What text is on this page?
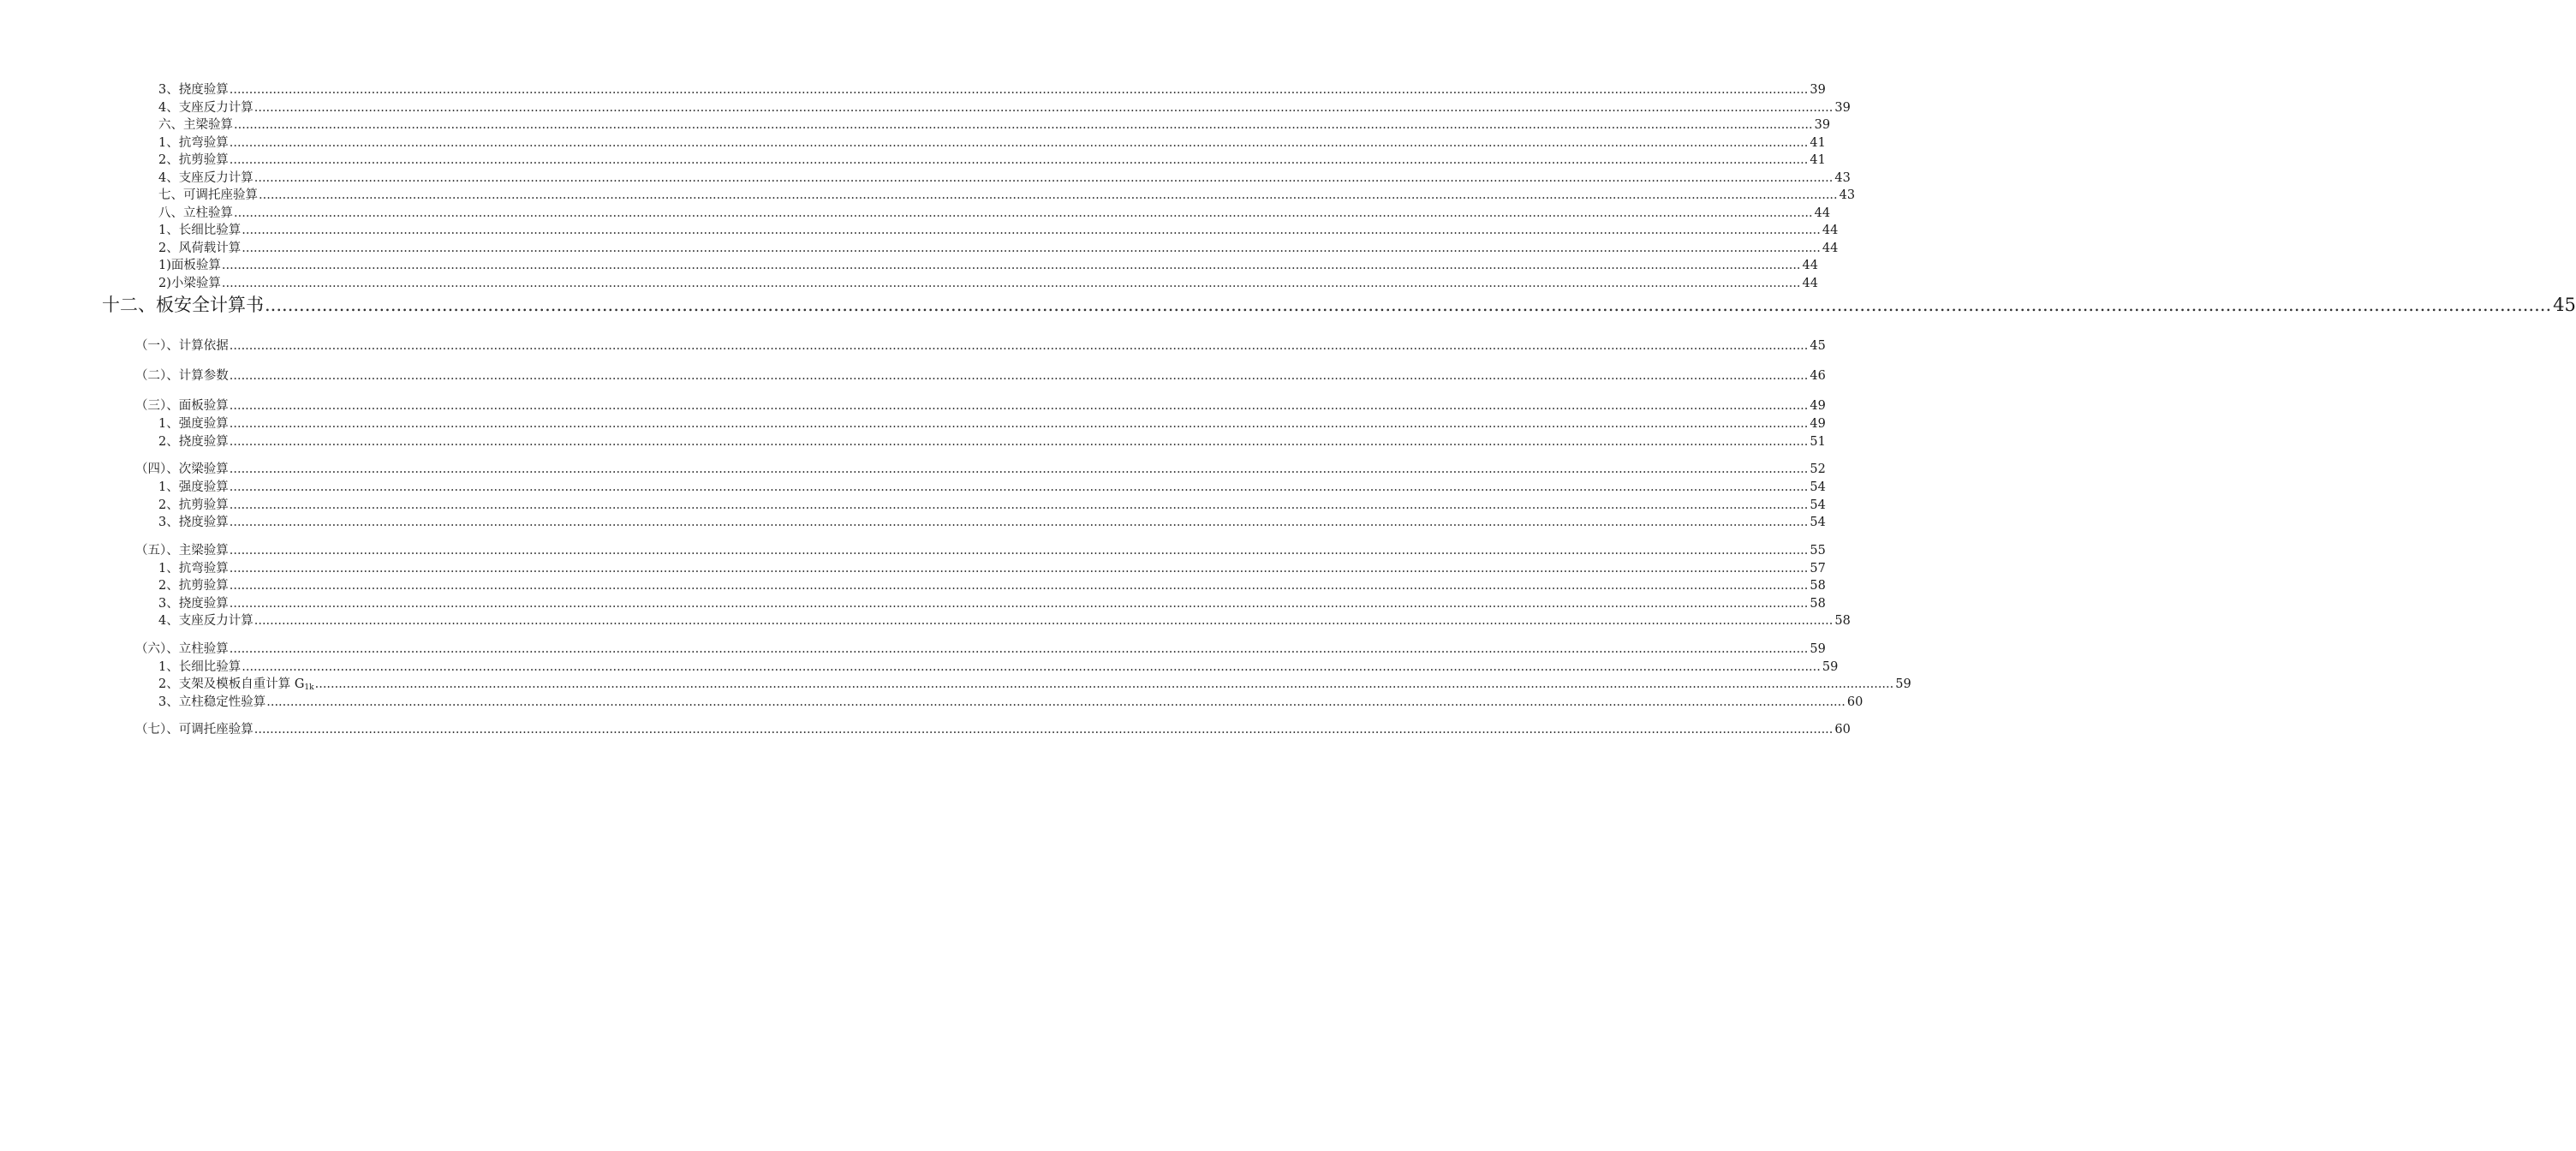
3、挠度验算 ................................................................................................................................................................................................................................................................................................................................................................................................................ 39
4、支座反力计算 ................................................................................................................................................................................................................................................................................................................................................................................................................ 39
六、主梁验算 ................................................................................................................................................................................................................................................................................................................................................................................................................ 39
1、抗弯验算 ................................................................................................................................................................................................................................................................................................................................................................................................................ 41
2、抗剪验算 ................................................................................................................................................................................................................................................................................................................................................................................................................ 41
4、支座反力计算 ................................................................................................................................................................................................................................................................................................................................................................................................................ 43
七、可调托座验算 ................................................................................................................................................................................................................................................................................................................................................................................................................ 43
八、立柱验算 ................................................................................................................................................................................................................................................................................................................................................................................................................ 44
1、长细比验算 ................................................................................................................................................................................................................................................................................................................................................................................................................ 44
2、风荷载计算 ................................................................................................................................................................................................................................................................................................................................................................................................................ 44
1)面板验算 ................................................................................................................................................................................................................................................................................................................................................................................................................ 44
2)小梁验算 ................................................................................................................................................................................................................................................................................................................................................................................................................ 44
十二、板安全计算书 ................................................................................................................................................................................................................................................................................................................................................................................................................ 45
（一）、计算依据 ................................................................................................................................................................................................................................................................................................................................................................................................................ 45
（二）、计算参数 ................................................................................................................................................................................................................................................................................................................................................................................................................ 46
（三）、面板验算 ................................................................................................................................................................................................................................................................................................................................................................................................................ 49
1、强度验算 ................................................................................................................................................................................................................................................................................................................................................................................................................ 49
2、挠度验算 ................................................................................................................................................................................................................................................................................................................................................................................................................ 51
（四）、次梁验算 ................................................................................................................................................................................................................................................................................................................................................................................................................ 52
1、强度验算 ................................................................................................................................................................................................................................................................................................................................................................................................................ 54
2、抗剪验算 ................................................................................................................................................................................................................................................................................................................................................................................................................ 54
3、挠度验算 ................................................................................................................................................................................................................................................................................................................................................................................................................ 54
（五）、主梁验算 ................................................................................................................................................................................................................................................................................................................................................................................................................ 55
1、抗弯验算 ................................................................................................................................................................................................................................................................................................................................................................................................................ 57
2、抗剪验算 ................................................................................................................................................................................................................................................................................................................................................................................................................ 58
3、挠度验算 ................................................................................................................................................................................................................................................................................................................................................................................................................ 58
4、支座反力计算 ................................................................................................................................................................................................................................................................................................................................................................................................................ 58
（六）、立柱验算 ................................................................................................................................................................................................................................................................................................................................................................................................................ 59
1、长细比验算 ................................................................................................................................................................................................................................................................................................................................................................................................................ 59
2、支架及模板自重计算 $G_{1k}$ ................................................................................................................................................................................................................................................................................................................................................................................................................ 59
3、立柱稳定性验算 ................................................................................................................................................................................................................................................................................................................................................................................................................ 60
（七）、可调托座验算 ................................................................................................................................................................................................................................................................................................................................................................................................................ 60
